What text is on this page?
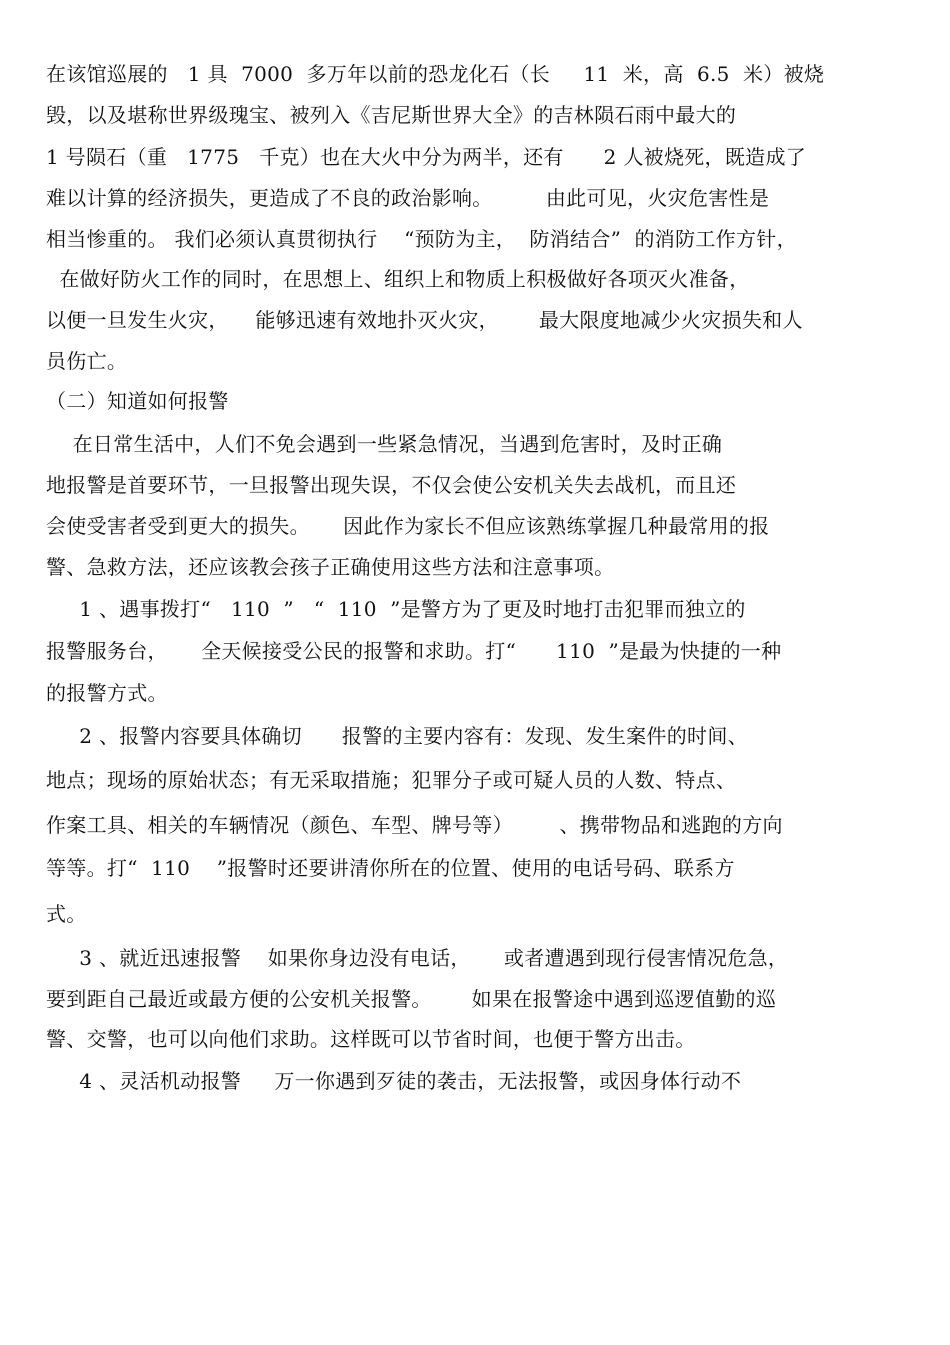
在该馆巡展的   1 具  7000  多万年以前的恐龙化石（长     11  米，高  6.5  米）被烧
毁，以及堪称世界级瑰宝、被列入《吉尼斯世界大全》的吉林陨石雨中最大的
1 号陨石（重   1775   千克）也在大火中分为两半，还有      2 人被烧死，既造成了
难以计算的经济损失，更造成了不良的政治影响。        由此可见，火灾危害性是
相当惨重的。 我们必须认真贯彻执行    “预防为主，  防消结合”  的消防工作方针，
在做好防火工作的同时，在思想上、组织上和物质上积极做好各项灭火准备，
以便一旦发生火灾，    能够迅速有效地扑灭火灾，      最大限度地减少火灾损失和人
员伤亡。
（二）知道如何报警
在日常生活中，人们不免会遇到一些紧急情况，当遇到危害时，及时正确
地报警是首要环节，一旦报警出现失误，不仅会使公安机关失去战机，而且还
会使受害者受到更大的损失。     因此作为家长不但应该熟练掌握几种最常用的报
警、急救方法，还应该教会孩子正确使用这些方法和注意事项。
1 、遇事拨打“   110  ”   “  110  ”是警方为了更及时地打击犯罪而独立的
报警服务台，     全天候接受公民的报警和求助。打“      110  ”是最为快捷的一种
的报警方式。
2 、报警内容要具体确切      报警的主要内容有：发现、发生案件的时间、
地点；现场的原始状态；有无采取措施；犯罪分子或可疑人员的人数、特点、
作案工具、相关的车辆情况（颜色、车型、牌号等）       、携带物品和逃跑的方向
等等。打“  110    ”报警时还要讲清你所在的位置、使用的电话号码、联系方
式。
3 、就近迅速报警    如果你身边没有电话，     或者遭遇到现行侵害情况危急，
要到距自己最近或最方便的公安机关报警。      如果在报警途中遇到巡逻值勤的巡
警、交警，也可以向他们求助。这样既可以节省时间，也便于警方出击。
4 、灵活机动报警     万一你遇到歹徒的袭击，无法报警，或因身体行动不
